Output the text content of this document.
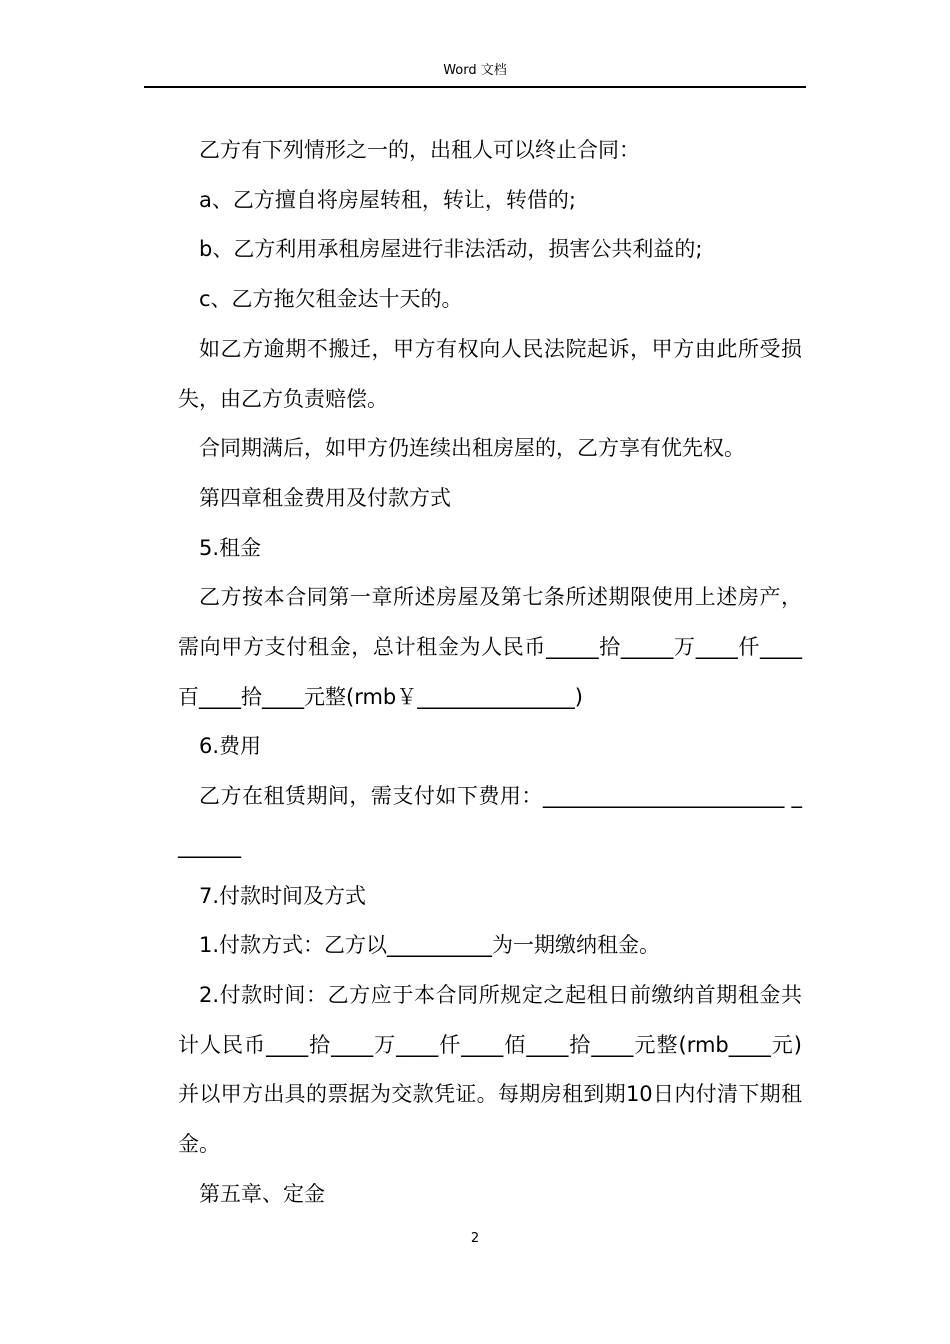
Word 文档

乙方有下列情形之一的，出租人可以终止合同：

a、乙方擅自将房屋转租，转让，转借的;

b、乙方利用承租房屋进行非法活动，损害公共利益的;

c、乙方拖欠租金达十天的。

如乙方逾期不搬迁，甲方有权向人民法院起诉，甲方由此所受损失，由乙方负责赔偿。

合同期满后，如甲方仍连续出租房屋的，乙方享有优先权。

第四章租金费用及付款方式

5.租金

乙方按本合同第一章所述房屋及第七条所述期限使用上述房产，需向甲方支付租金，总计租金为人民币_____拾_____万____仟____百____拾____元整(rmb￥_______________)

6.费用

乙方在租赁期间，需支付如下费用：_______________________ _______

7.付款时间及方式

1.付款方式：乙方以__________为一期缴纳租金。

2.付款时间：乙方应于本合同所规定之起租日前缴纳首期租金共计人民币____拾____万____仟____佰____拾____元整(rmb____元)并以甲方出具的票据为交款凭证。每期房租到期10日内付清下期租金。

第五章、定金

2
